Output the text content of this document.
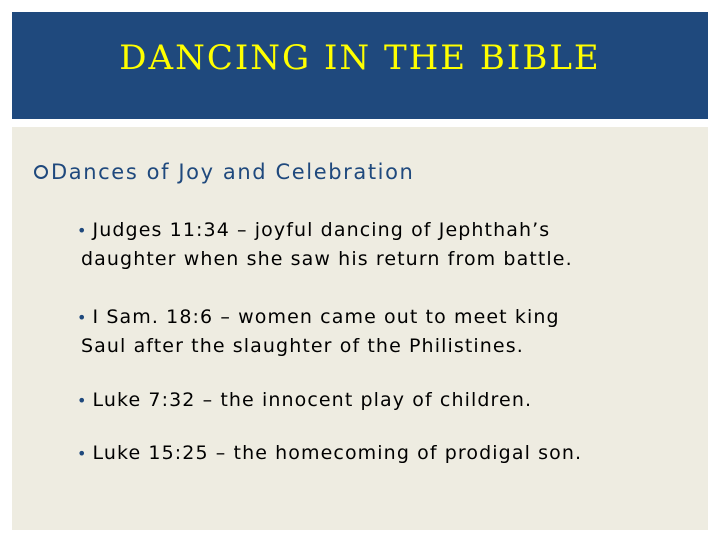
DANCING IN THE BIBLE
Dances of Joy and Celebration
• Judges 11:34 – joyful dancing of Jephthah’s
daughter when she saw his return from battle.
• I Sam. 18:6 – women came out to meet king
Saul after the slaughter of the Philistines.
• Luke 7:32 – the innocent play of children.
• Luke 15:25 – the homecoming of prodigal son.
